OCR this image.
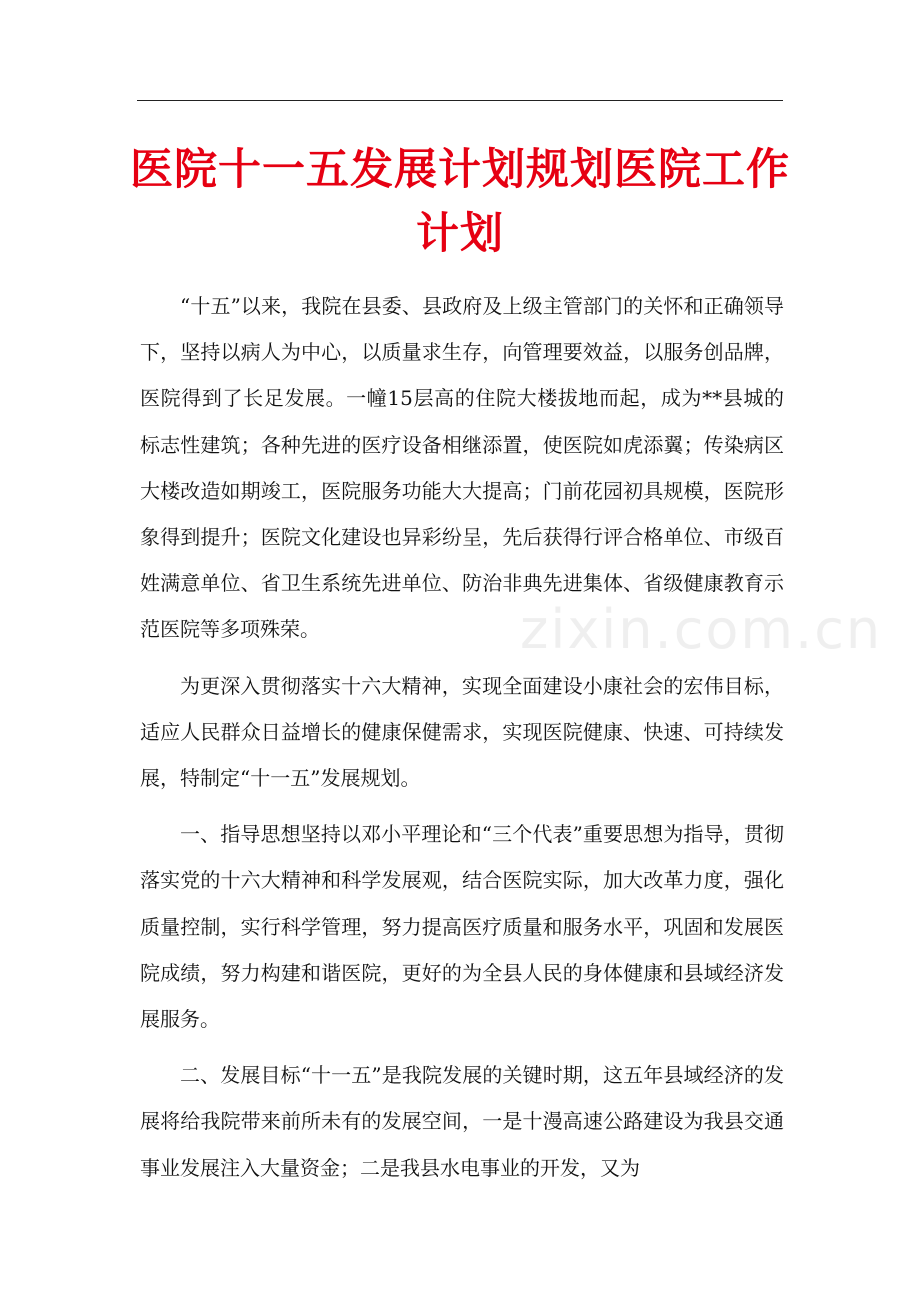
医院十一五发展计划规划医院工作计划

“十五”以来，我院在县委、县政府及上级主管部门的关怀和正确领导下，坚持以病人为中心，以质量求生存，向管理要效益，以服务创品牌，医院得到了长足发展。一幢15层高的住院大楼拔地而起，成为**县城的标志性建筑；各种先进的医疗设备相继添置，使医院如虎添翼；传染病区大楼改造如期竣工，医院服务功能大大提高；门前花园初具规模，医院形象得到提升；医院文化建设也异彩纷呈，先后获得行评合格单位、市级百姓满意单位、省卫生系统先进单位、防治非典先进集体、省级健康教育示范医院等多项殊荣。

为更深入贯彻落实十六大精神，实现全面建设小康社会的宏伟目标，适应人民群众日益增长的健康保健需求，实现医院健康、快速、可持续发展，特制定“十一五”发展规划。

一、指导思想坚持以邓小平理论和“三个代表”重要思想为指导，贯彻落实党的十六大精神和科学发展观，结合医院实际，加大改革力度，强化质量控制，实行科学管理，努力提高医疗质量和服务水平，巩固和发展医院成绩，努力构建和谐医院，更好的为全县人民的身体健康和县域经济发展服务。

二、发展目标“十一五”是我院发展的关键时期，这五年县域经济的发展将给我院带来前所未有的发展空间，一是十漫高速公路建设为我县交通事业发展注入大量资金；二是我县水电事业的开发，又为

zixin.com.cn
